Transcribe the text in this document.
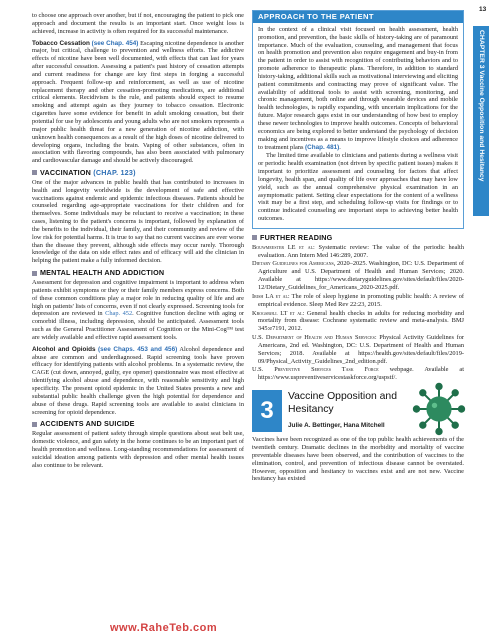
13
CHAPTER 3 Vaccine Opposition and Hesitancy

to choose one approach over another, but if not, encouraging the patient to pick one approach and document the results is an important start. Once weight loss is achieved, increase in activity is often required for its successful maintenance.

Tobacco Cessation (see Chap. 454) Escaping nicotine dependence is another major, but critical, challenge to prevention and wellness efforts. The addictive effects of nicotine have been well documented, with effects that can last for years after successful cessation. Assessing a patient's past history of cessation attempts and current readiness for change are key first steps in forging a successful approach. Frequent follow-up and reinforcement, as well as use of nicotine replacement therapy and other cessation-promoting medications, are additional critical elements. Recidivism is the rule, and patients should expect to resume smoking and attempt again as they journey to tobacco cessation. Electronic cigarettes have some evidence for benefit in adult smoking cessation, but their potential for use by adolescents and young adults who are not smokers represents a major public health threat for a new generation of nicotine addiction, with unknown health consequences as a result of the high doses of nicotine delivered to developing organs, including the brain. Vaping of other substances, often in association with flavoring compounds, has also been associated with pulmonary and cardiovascular damage and should be actively discouraged.

VACCINATION
(CHAP. 123)

One of the major advances in public health that has contributed to increases in health and longevity worldwide is the development of safe and effective vaccinations against endemic and epidemic infectious diseases. Patients should be counseled regarding age-appropriate vaccinations for their children and for themselves. Some individuals may be reluctant to receive a vaccination; in these cases, listening to the patient's concerns is important, followed by explanation of the benefits to the individual, their family, and their community and review of the low risk for potential harms. It is true to say that no current vaccines are ever worse than the disease they prevent, although side effects may occur rarely. Thorough knowledge of the data on side effect rates and of efficacy will aid the clinician in helping the patient make a fully informed decision.

MENTAL HEALTH AND ADDICTION

Assessment for depression and cognitive impairment is important to address when patients exhibit symptoms or they or their family members express concerns. Both of these common conditions play a major role in reducing quality of life and are high on patients' lists of concerns, even if not clearly expressed. Screening tools for depression are reviewed in Chap. 452. Cognitive function decline with aging or comorbid illness, including depression, should be anticipated. Assessment tools such as the General Practitioner Assessment of Cognition or the Mini-Cog™ test are widely available and effective rapid assessment tools.

Alcohol and Opioids (see Chaps. 453 and 456) Alcohol dependence and abuse are common and underdiagnosed. Rapid screening tools have proven efficacy for identifying patients with alcohol problems. In a systematic review, the CAGE (cut down, annoyed, guilty, eye opener) questionnaire was most effective at identifying alcohol abuse and dependence, with reasonable sensitivity and high specificity. The present opioid epidemic in the United States presents a new and substantial public health challenge given the high potential for dependence and abuse of these drugs. Rapid screening tools are available to assist clinicians in screening for opioid dependence.

ACCIDENTS AND SUICIDE

Regular assessment of patient safety through simple questions about seat belt use, domestic violence, and gun safety in the home continues to be an important part of health promotion and wellness. Long-standing recommendations for assessment of suicidal ideation among patients with depression and other mental health issues also continue to be relevant.

APPROACH TO THE PATIENT

In the context of a clinical visit focused on health assessment, health promotion, and prevention, the basic skills of history-taking are of paramount importance. Much of the evaluation, counseling, and management that focus on health promotion and prevention also require engagement and buy-in from the patient in order to assist with recognition of contributing behaviors and to promote adherence to therapeutic plans. Therefore, in addition to standard history-taking, additional skills such as motivational interviewing and eliciting patient commitments and contracting may prove of significant value. The availability of additional tools to assist with screening, monitoring, and chronic management, both online and through wearable devices and mobile health technologies, is rapidly expanding, with uncertain implications for the future. Major research gaps exist in our understanding of how best to employ these newer technologies to improve health outcomes. Concepts of behavioral economics are being explored to better understand the psychology of decision making and incentives as a means to improve lifestyle choices and adherence to treatment plans (Chap. 481).

The limited time available to clinicians and patients during a wellness visit or periodic health examination (not driven by specific patient issues) makes it important to prioritize assessment and counseling for factors that affect longevity, health span, and quality of life over approaches that may have low yield, such as the annual comprehensive physical examination in an asymptomatic patient. Setting clear expectations for the content of a wellness visit may be a first step, and scheduling follow-up visits for findings or to continue indicated counseling are important steps to achieving better health outcomes.

FURTHER READING
Bouwmeester LE et al: Systematic review: The value of the periodic health evaluation. Ann Intern Med 146:289, 2007.
Dietary Guidelines for Americans, 2020–2025. Washington, DC: U.S. Department of Agriculture and U.S. Department of Health and Human Services; 2020. Available at https://www.dietaryguidelines.gov/sites/default/files/2020-12/Dietary_Guidelines_for_Americans_2020-2025.pdf.
Irish LA et al: The role of sleep hygiene in promoting public health: A review of empirical evidence. Sleep Med Rev 22:23, 2015.
Krogsbøll LT et al: General health checks in adults for reducing morbidity and mortality from disease: Cochrane systematic review and meta-analysis. BMJ 345:e7191, 2012.
U.S. Department of Health and Human Services: Physical Activity Guidelines for Americans, 2nd ed. Washington, DC: U.S. Department of Health and Human Services; 2018. Available at https://health.gov/sites/default/files/2019-09/Physical_Activity_Guidelines_2nd_edition.pdf.
U.S. Preventive Services Task Force webpage. Available at https://www.uspreventiveservicestaskforce.org/uspstf/.
3
Vaccine Opposition and Hesitancy
Julie A. Bettinger, Hana Mitchell

Vaccines have been recognized as one of the top public health achievements of the twentieth century. Dramatic declines in the morbidity and mortality of vaccine preventable diseases have been observed, and the contribution of vaccines to the elimination, control, and prevention of infectious disease cannot be overstated. However, opposition and hesitancy to vaccines exist and are not new. Vaccine hesitancy has existed

www.RaheTeb.com
